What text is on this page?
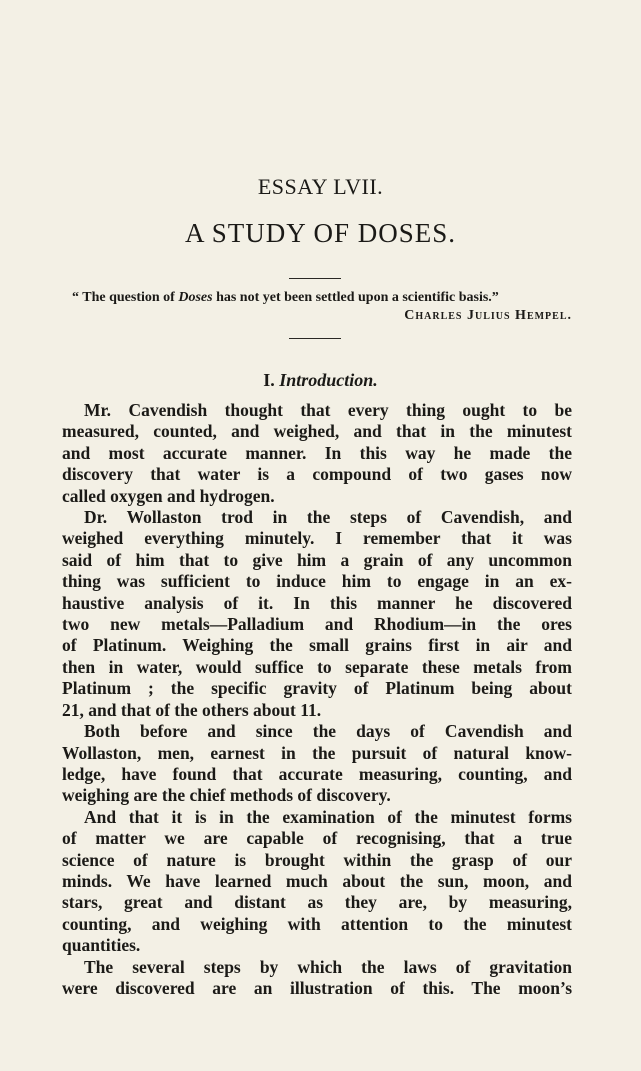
ESSAY LVII.
A STUDY OF DOSES.
“ The question of Doses has not yet been settled upon a scientific basis.”
Charles Julius Hempel.
I. Introduction.
Mr. Cavendish thought that every thing ought to be
measured, counted, and weighed, and that in the minutest
and most accurate manner. In this way he made the
discovery that water is a compound of two gases now
called oxygen and hydrogen.
Dr. Wollaston trod in the steps of Cavendish, and
weighed everything minutely. I remember that it was
said of him that to give him a grain of any uncommon
thing was sufficient to induce him to engage in an ex-
haustive analysis of it. In this manner he discovered
two new metals—Palladium and Rhodium—in the ores
of Platinum. Weighing the small grains first in air and
then in water, would suffice to separate these metals from
Platinum ; the specific gravity of Platinum being about
21, and that of the others about 11.
Both before and since the days of Cavendish and
Wollaston, men, earnest in the pursuit of natural know-
ledge, have found that accurate measuring, counting, and
weighing are the chief methods of discovery.
And that it is in the examination of the minutest forms
of matter we are capable of recognising, that a true
science of nature is brought within the grasp of our
minds. We have learned much about the sun, moon, and
stars, great and distant as they are, by measuring,
counting, and weighing with attention to the minutest
quantities.
The several steps by which the laws of gravitation
were discovered are an illustration of this. The moon’s
